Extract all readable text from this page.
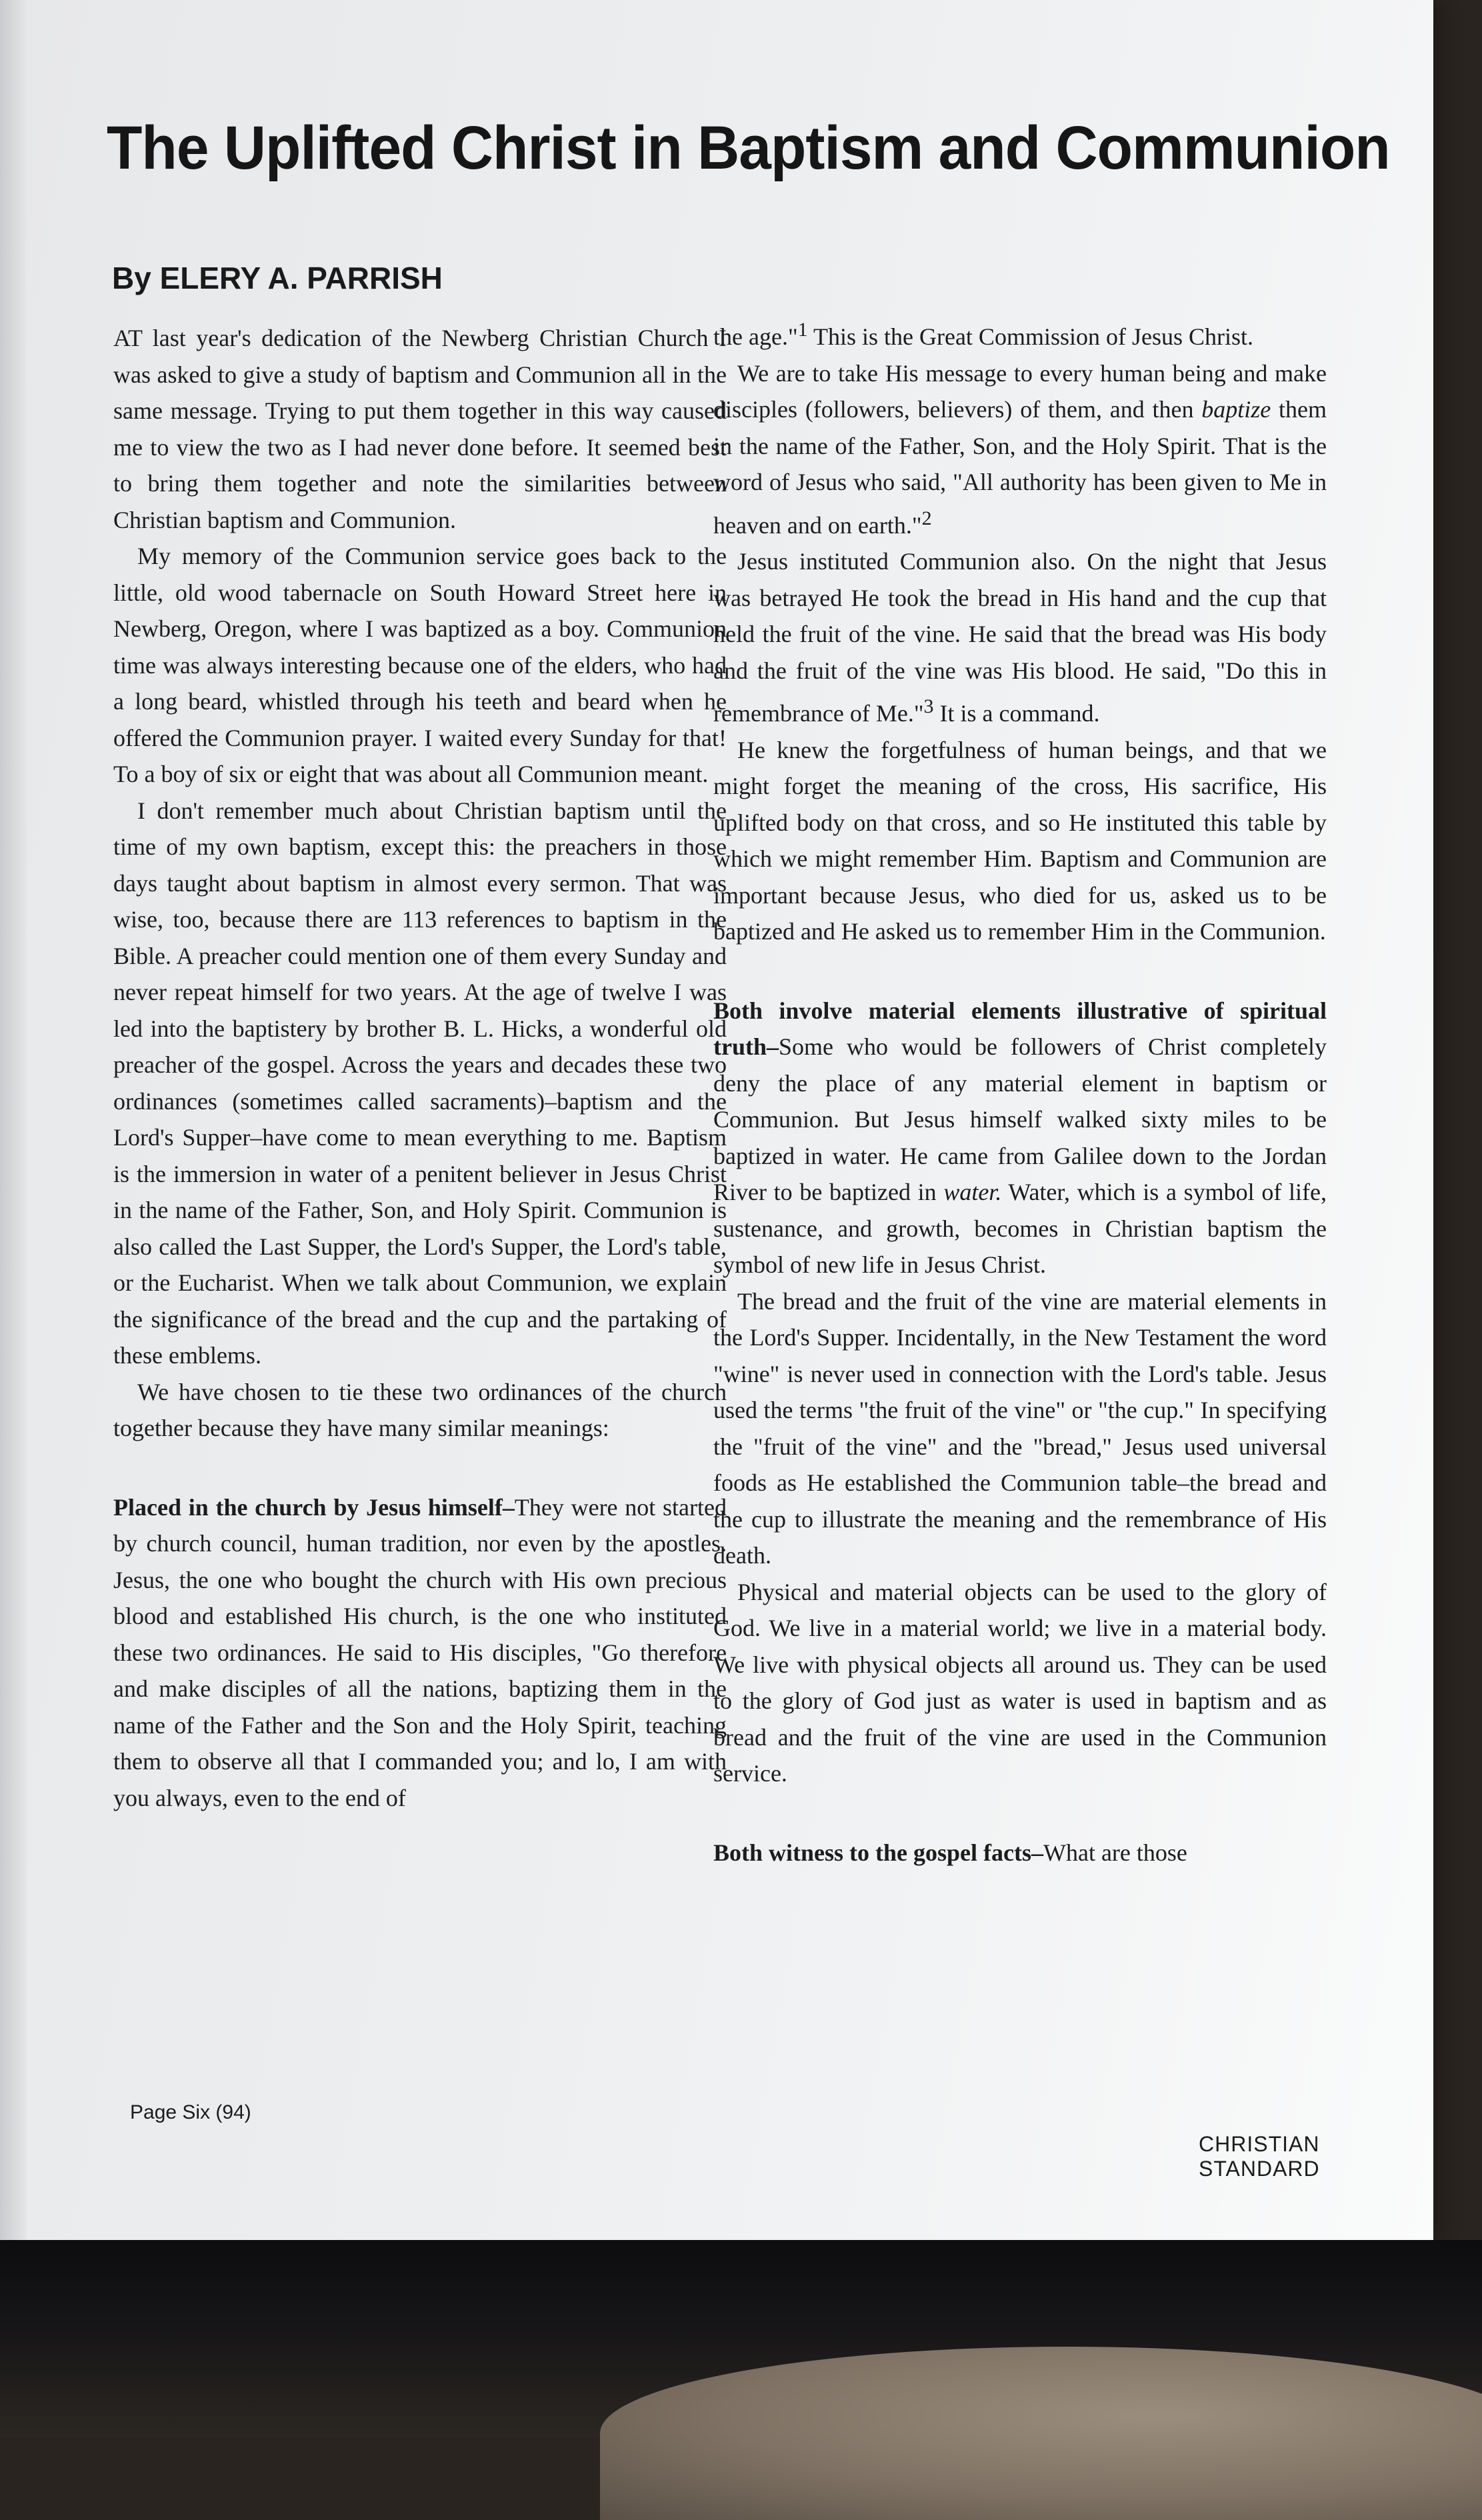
The Uplifted Christ in Baptism and Communion
By ELERY A. PARRISH

AT last year's dedication of the Newberg Christian Church I was asked to give a study of baptism and Communion all in the same message. Trying to put them together in this way caused me to view the two as I had never done before. It seemed best to bring them together and note the similarities between Christian baptism and Communion.

My memory of the Communion service goes back to the little, old wood tabernacle on South Howard Street here in Newberg, Oregon, where I was baptized as a boy. Communion time was always interesting because one of the elders, who had a long beard, whistled through his teeth and beard when he offered the Communion prayer. I waited every Sunday for that! To a boy of six or eight that was about all Communion meant.

I don't remember much about Christian baptism until the time of my own baptism, except this: the preachers in those days taught about baptism in almost every sermon. That was wise, too, because there are 113 references to baptism in the Bible. A preacher could mention one of them every Sunday and never repeat himself for two years. At the age of twelve I was led into the baptistery by brother B. L. Hicks, a wonderful old preacher of the gospel. Across the years and decades these two ordinances (sometimes called sacraments)–baptism and the Lord's Supper–have come to mean everything to me. Baptism is the immersion in water of a penitent believer in Jesus Christ in the name of the Father, Son, and Holy Spirit. Communion is also called the Last Supper, the Lord's Supper, the Lord's table, or the Eucharist. When we talk about Communion, we explain the significance of the bread and the cup and the partaking of these emblems.

We have chosen to tie these two ordinances of the church together because they have many similar meanings:

Placed in the church by Jesus himself–They were not started by church council, human tradition, nor even by the apostles. Jesus, the one who bought the church with His own precious blood and established His church, is the one who instituted these two ordinances. He said to His disciples, "Go therefore and make disciples of all the nations, baptizing them in the name of the Father and the Son and the Holy Spirit, teaching them to observe all that I commanded you; and lo, I am with you always, even to the end of

the age."$^1$ This is the Great Commission of Jesus Christ.

We are to take His message to every human being and make disciples (followers, believers) of them, and then baptize them in the name of the Father, Son, and the Holy Spirit. That is the word of Jesus who said, "All authority has been given to Me in heaven and on earth."$^2$

Jesus instituted Communion also. On the night that Jesus was betrayed He took the bread in His hand and the cup that held the fruit of the vine. He said that the bread was His body and the fruit of the vine was His blood. He said, "Do this in remembrance of Me."$^3$ It is a command.

He knew the forgetfulness of human beings, and that we might forget the meaning of the cross, His sacrifice, His uplifted body on that cross, and so He instituted this table by which we might remember Him. Baptism and Communion are important because Jesus, who died for us, asked us to be baptized and He asked us to remember Him in the Communion.

Both involve material elements illustrative of spiritual truth–Some who would be followers of Christ completely deny the place of any material element in baptism or Communion. But Jesus himself walked sixty miles to be baptized in water. He came from Galilee down to the Jordan River to be baptized in water. Water, which is a symbol of life, sustenance, and growth, becomes in Christian baptism the symbol of new life in Jesus Christ.

The bread and the fruit of the vine are material elements in the Lord's Supper. Incidentally, in the New Testament the word "wine" is never used in connection with the Lord's table. Jesus used the terms "the fruit of the vine" or "the cup." In specifying the "fruit of the vine" and the "bread," Jesus used universal foods as He established the Communion table–the bread and the cup to illustrate the meaning and the remembrance of His death.

Physical and material objects can be used to the glory of God. We live in a material world; we live in a material body. We live with physical objects all around us. They can be used to the glory of God just as water is used in baptism and as bread and the fruit of the vine are used in the Communion service.

Both witness to the gospel facts–What are those

Page Six (94)
CHRISTIAN STANDARD
